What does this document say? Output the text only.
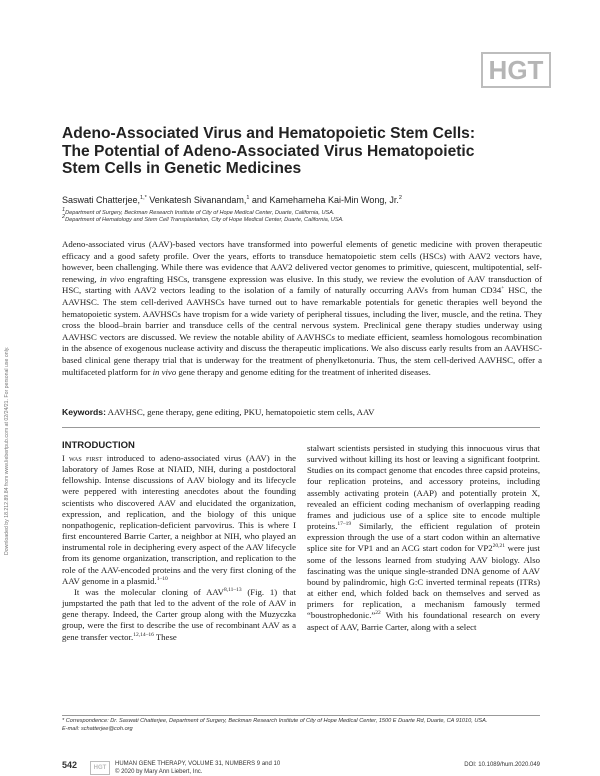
HGT
Downloaded by 18.212.89.84 from www.liebertpub.com at 02/24/21. For personal use only.
Adeno-Associated Virus and Hematopoietic Stem Cells:
The Potential of Adeno-Associated Virus Hematopoietic
Stem Cells in Genetic Medicines
Saswati Chatterjee,$^{1,*}$ Venkatesh Sivanandam,$^1$ and Kamehameha Kai-Min Wong, Jr.$^2$
$^1$Department of Surgery, Beckman Research Institute of City of Hope Medical Center, Duarte, California, USA.
$^2$Department of Hematology and Stem Cell Transplantation, City of Hope Medical Center, Duarte, California, USA.

Adeno-associated virus (AAV)-based vectors have transformed into powerful elements of genetic medicine with proven therapeutic efficacy and a good safety profile. Over the years, efforts to transduce hematopoietic stem cells (HSCs) with AAV2 vectors have, however, been challenging. While there was evidence that AAV2 delivered vector genomes to primitive, quiescent, multipotential, self-renewing, in vivo engrafting HSCs, transgene expression was elusive. In this study, we review the evolution of AAV transduction of HSC, starting with AAV2 vectors leading to the isolation of a family of naturally occurring AAVs from human CD34+ HSC, the AAVHSC. The stem cell-derived AAVHSCs have turned out to have remarkable potentials for genetic therapies well beyond the hematopoietic system. AAVHSCs have tropism for a wide variety of peripheral tissues, including the liver, muscle, and the retina. They cross the blood–brain barrier and transduce cells of the central nervous system. Preclinical gene therapy studies underway using AAVHSC vectors are discussed. We review the notable ability of AAVHSCs to mediate efficient, seamless homologous recombination in the absence of exogenous nuclease activity and discuss the therapeutic implications. We also discuss early results from an AAVHSC-based clinical gene therapy trial that is underway for the treatment of phenylketonuria. Thus, the stem cell-derived AAVHSC, offer a multifaceted platform for in vivo gene therapy and genome editing for the treatment of inherited diseases.

Keywords: AAVHSC, gene therapy, gene editing, PKU, hematopoietic stem cells, AAV
INTRODUCTION

I was first introduced to adeno-associated virus (AAV) in the laboratory of James Rose at NIAID, NIH, during a postdoctoral fellowship. Intense discussions of AAV biology and its lifecycle were peppered with interesting anecdotes about the founding scientists who discovered AAV and elucidated the organization, expression, and replication, and the biology of this unique nonpathogenic, replication-deficient parvovirus. This is where I first encountered Barrie Carter, a neighbor at NIH, who played an instrumental role in deciphering every aspect of the AAV lifecycle from its genome organization, transcription, and replication to the role of the AAV-encoded proteins and the very first cloning of the AAV genome in a plasmid.$^{1-10}$

It was the molecular cloning of AAV$^{8,11-13}$ (Fig. 1) that jumpstarted the path that led to the advent of the role of AAV in gene therapy. Indeed, the Carter group along with the Muzyczka group, were the first to describe the use of recombinant AAV as a gene transfer vector.$^{12,14-16}$ These

stalwart scientists persisted in studying this innocuous virus that survived without killing its host or leaving a significant footprint. Studies on its compact genome that encodes three capsid proteins, four replication proteins, and accessory proteins, including assembly activating protein (AAP) and potentially protein X, revealed an efficient coding mechanism of overlapping reading frames and judicious use of a splice site to encode multiple proteins.$^{17-19}$ Similarly, the efficient regulation of protein expression through the use of a start codon within an alternative splice site for VP1 and an ACG start codon for VP2$^{20,21}$ were just some of the lessons learned from studying AAV biology. Also fascinating was the unique single-stranded DNA genome of AAV bound by palindromic, high G:C inverted terminal repeats (ITRs) at either end, which folded back on themselves and served as primers for replication, a mechanism famously termed “boustrophedonic.”$^{22}$ With his foundational research on every aspect of AAV, Barrie Carter, along with a select

* Correspondence: Dr. Saswati Chatterjee, Department of Surgery, Beckman Research Institute of City of Hope Medical Center, 1500 E Duarte Rd, Duarte, CA 91010, USA.
E-mail: schatterjee@coh.org
542	HGT
HUMAN GENE THERAPY, VOLUME 31, NUMBERS 9 and 10
© 2020 by Mary Ann Liebert, Inc.
DOI: 10.1089/hum.2020.049
